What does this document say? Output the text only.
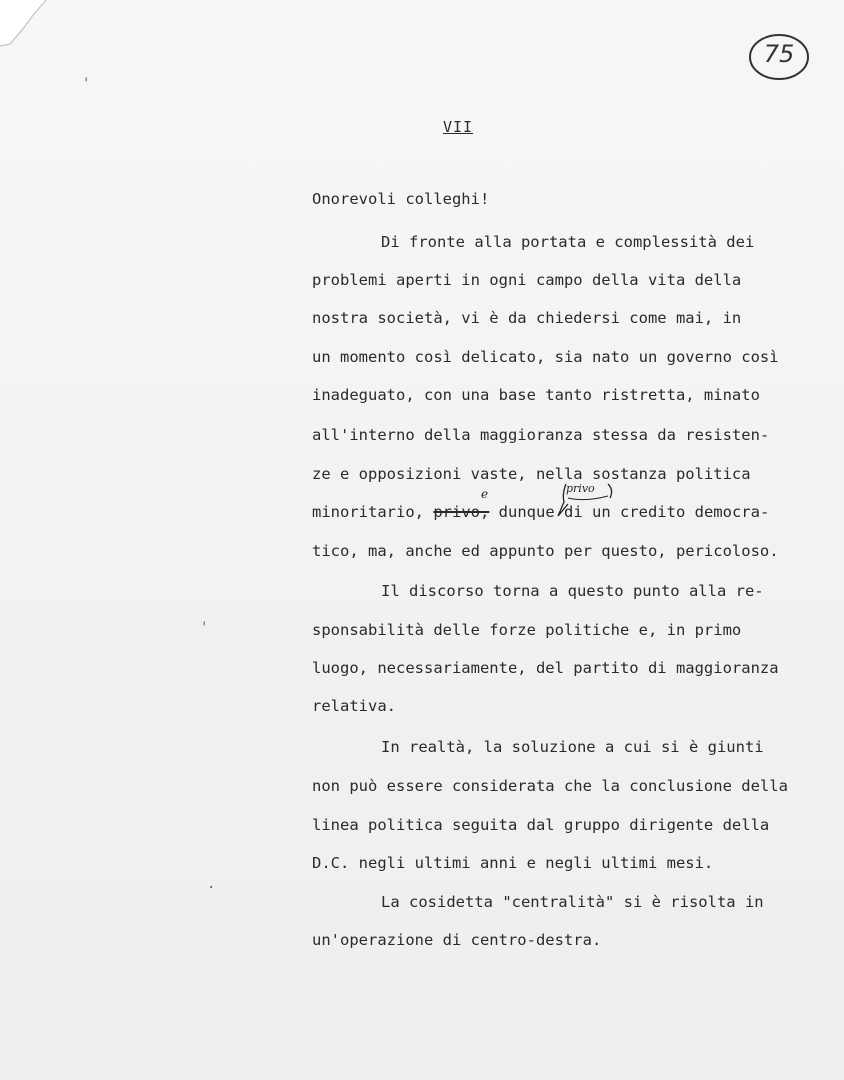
75
VII
Onorevoli colleghi!
Di fronte alla portata e complessità dei
problemi aperti in ogni campo della vita della
nostra società, vi è da chiedersi come mai, in
un momento così delicato, sia nato un governo così
inadeguato, con una base tanto ristretta, minato
all'interno della maggioranza stessa da resisten-
ze e opposizioni vaste, nella sostanza politica
minoritario, privo, dunque di un credito democra-
e	privo
tico, ma, anche ed appunto per questo, pericoloso.
Il discorso torna a questo punto alla re-
sponsabilità delle forze politiche e, in primo
luogo, necessariamente, del partito di maggioranza
relativa.
In realtà, la soluzione a cui si è giunti
non può essere considerata che la conclusione della
linea politica seguita dal gruppo dirigente della
D.C. negli ultimi anni e negli ultimi mesi.
La cosidetta "centralità" si è risolta in
un'operazione di centro-destra.
'
'
·
